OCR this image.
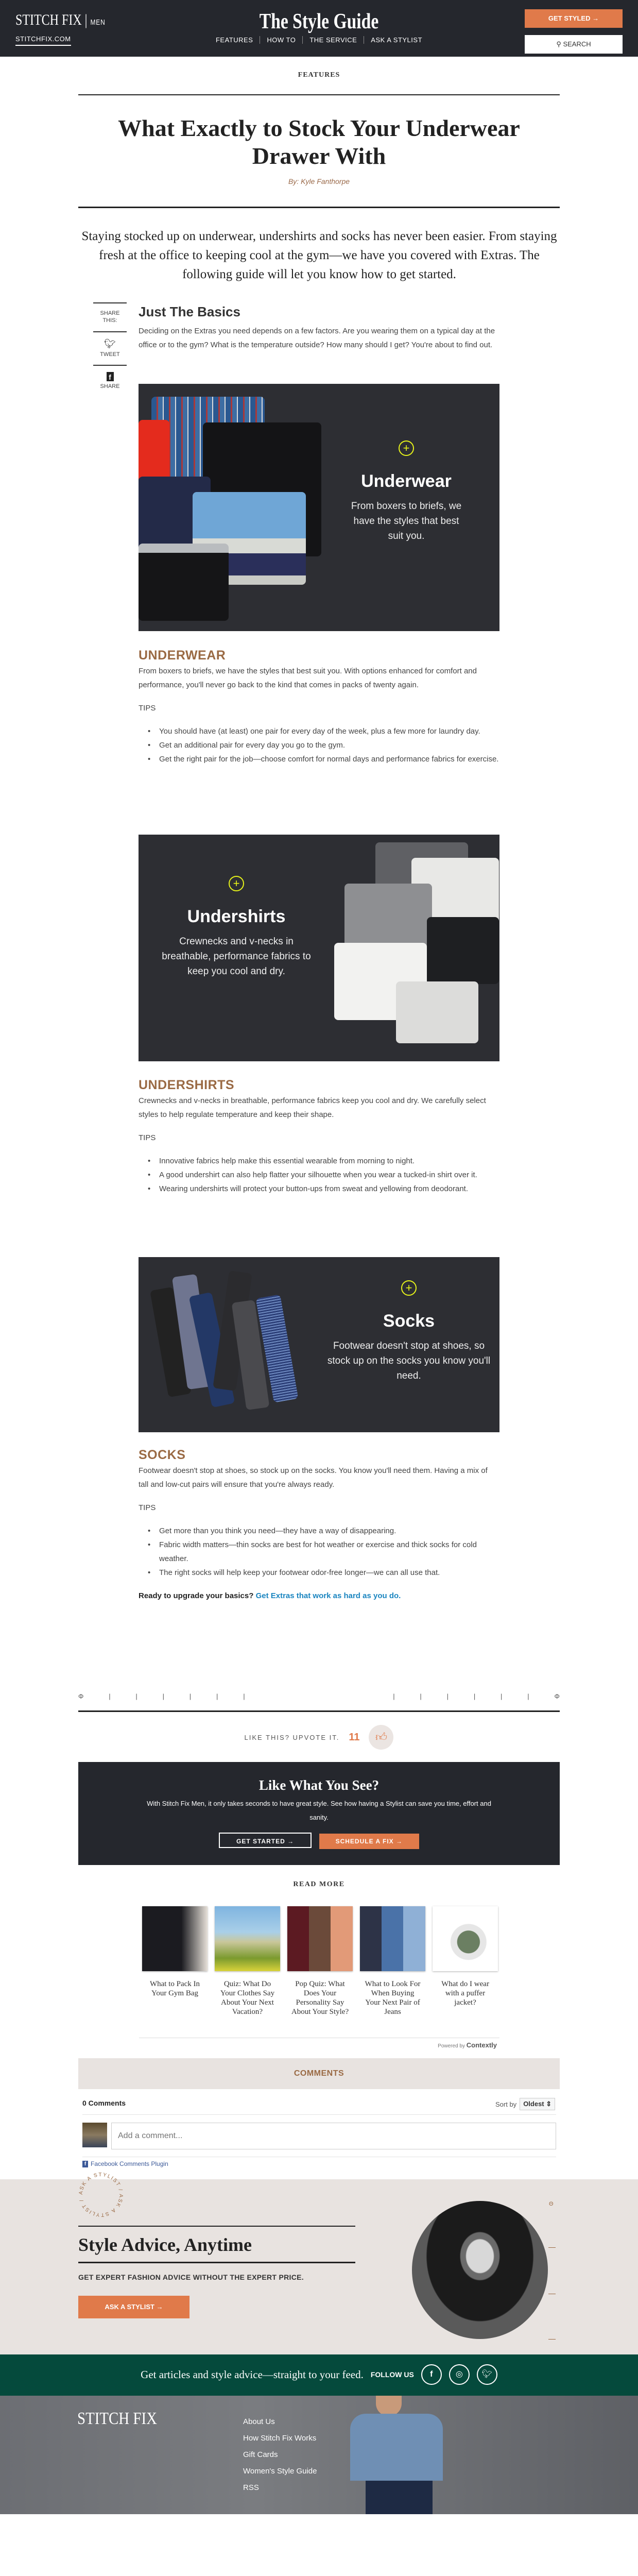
STITCH FIX | MEN
STITCHFIX.COM
The Style Guide
FEATURES	HOW TO	THE SERVICE	ASK A STYLIST
GET STYLED →
⚲ SEARCH
FEATURES
What Exactly to Stock Your Underwear Drawer With
By: Kyle Fanthorpe

Staying stocked up on underwear, undershirts and socks has never been easier. From staying fresh at the office to keeping cool at the gym—we have you covered with Extras. The following guide will let you know how to get started.

SHARE THIS:
🐦︎
TWEET
f
SHARE
Just The Basics

Deciding on the Extras you need depends on a few factors. Are you wearing them on a typical day at the office or to the gym? What is the temperature outside? How many should I get? You're about to find out.

+
Underwear
From boxers to briefs, we have the styles that best suit you.
UNDERWEAR

From boxers to briefs, we have the styles that best suit you. With options enhanced for comfort and performance, you'll never go back to the kind that comes in packs of twenty again.

TIPS

• You should have (at least) one pair for every day of the week, plus a few more for laundry day.
• Get an additional pair for every day you go to the gym.
• Get the right pair for the job—choose comfort for normal days and performance fabrics for exercise.
+
Undershirts
Crewnecks and v-necks in breathable, performance fabrics to keep you cool and dry.
UNDERSHIRTS

Crewnecks and v-necks in breathable, performance fabrics keep you cool and dry. We carefully select styles to help regulate temperature and keep their shape.

TIPS

• Innovative fabrics help make this essential wearable from morning to night.
• A good undershirt can also help flatter your silhouette when you wear a tucked-in shirt over it.
• Wearing undershirts will protect your button-ups from sweat and yellowing from deodorant.
+
Socks
Footwear doesn't stop at shoes, so stock up on the socks you know you'll need.
SOCKS

Footwear doesn't stop at shoes, so stock up on the socks. You know you'll need them. Having a mix of tall and low-cut pairs will ensure that you're always ready.

TIPS

• Get more than you think you need—they have a way of disappearing.
• Fabric width matters—thin socks are best for hot weather or exercise and thick socks for cold weather.
• The right socks will help keep your footwear odor-free longer—we can all use that.

Ready to upgrade your basics? Get Extras that work as hard as you do.

Φ	|	|	|	|	|	|	|	|	|	|	|	|	Φ
LIKE THIS? UPVOTE IT. 11	👍︎
Like What You See?

With Stitch Fix Men, it only takes seconds to have great style. See how having a Stylist can save you time, effort and sanity.

GET STARTED →	SCHEDULE A FIX →
READ MORE
What to Pack In Your Gym Bag
Quiz: What Do Your Clothes Say About Your Next Vacation?
Pop Quiz: What Does Your Personality Say About Your Style?
What to Look For When Buying Your Next Pair of Jeans
What do I wear with a puffer jacket?
Powered by Contextly
COMMENTS
0 Comments	Sort by	Oldest ⇕
Add a comment...
f Facebook Comments Plugin
ASK A STYLIST / ASK A STYLIST /
Style Advice, Anytime
GET EXPERT FASHION ADVICE WITHOUT THE EXPERT PRICE.
ASK A STYLIST →
Θ
Get articles and style advice—straight to your feed. FOLLOW US	f	◎	🐦︎
STITCH FIX	About Us
How Stitch Fix Works
Gift Cards
Women's Style Guide
RSS
